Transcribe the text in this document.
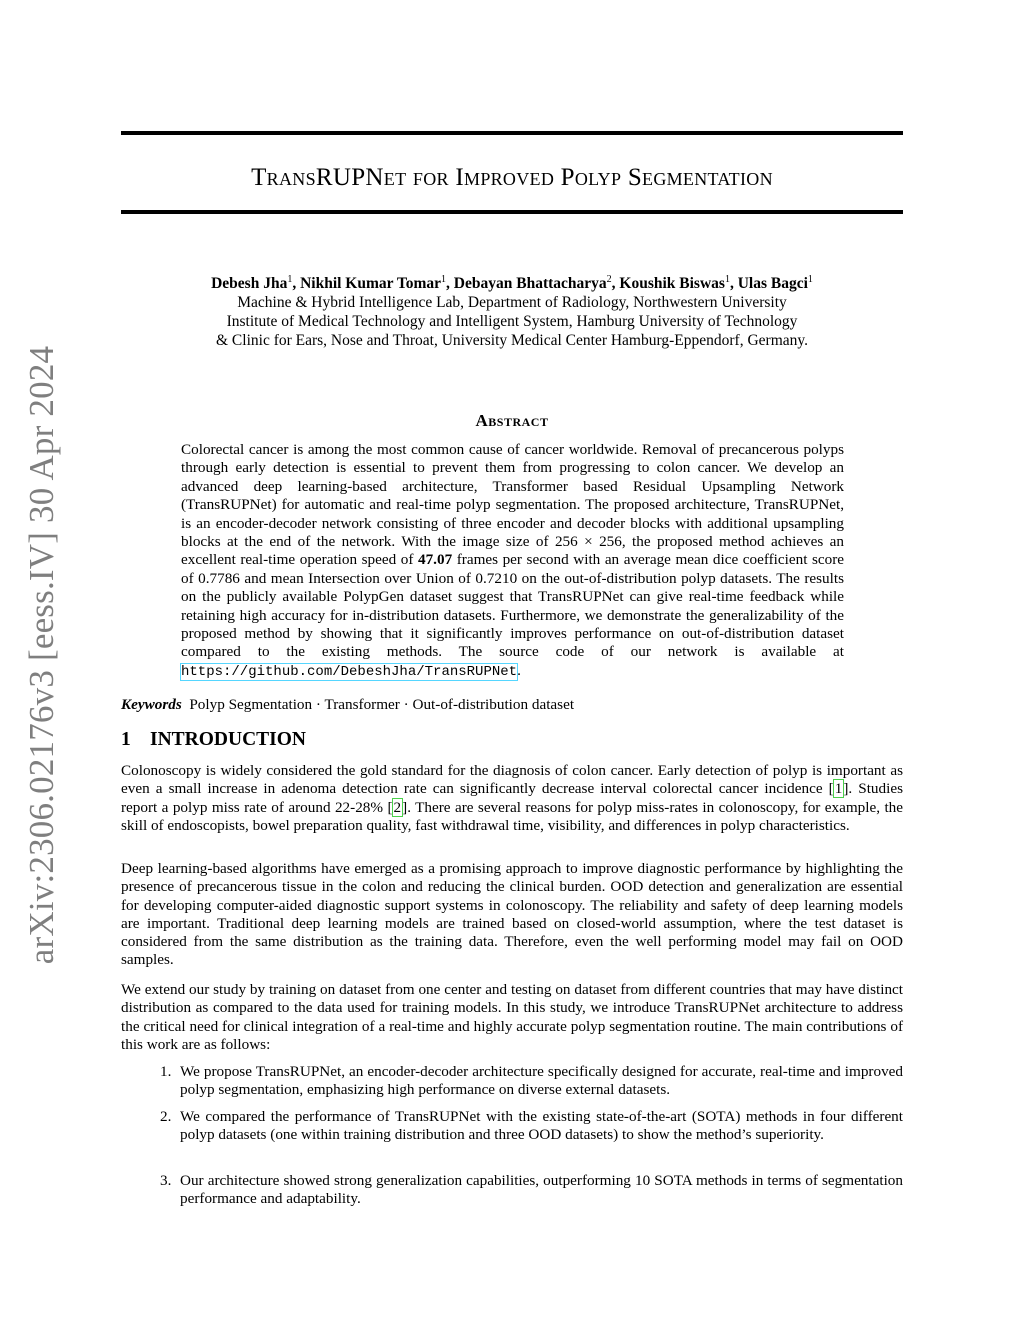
TransRUPNet for Improved Polyp Segmentation
arXiv:2306.02176v3 [eess.IV] 30 Apr 2024
Debesh Jha$^1$, Nikhil Kumar Tomar$^1$, Debayan Bhattacharya$^2$, Koushik Biswas$^1$, Ulas Bagci$^1$
Machine & Hybrid Intelligence Lab, Department of Radiology, Northwestern University
Institute of Medical Technology and Intelligent System, Hamburg University of Technology
& Clinic for Ears, Nose and Throat, University Medical Center Hamburg-Eppendorf, Germany.
Abstract

Colorectal cancer is among the most common cause of cancer worldwide. Removal of precancerous polyps through early detection is essential to prevent them from progressing to colon cancer. We develop an advanced deep learning-based architecture, Transformer based Residual Upsampling Network (TransRUPNet) for automatic and real-time polyp segmentation. The proposed architecture, TransRUPNet, is an encoder-decoder network consisting of three encoder and decoder blocks with additional upsampling blocks at the end of the network. With the image size of 256 × 256, the proposed method achieves an excellent real-time operation speed of 47.07 frames per second with an average mean dice coefficient score of 0.7786 and mean Intersection over Union of 0.7210 on the out-of-distribution polyp datasets. The results on the publicly available PolypGen dataset suggest that TransRUPNet can give real-time feedback while retaining high accuracy for in-distribution datasets. Furthermore, we demonstrate the generalizability of the proposed method by showing that it significantly improves performance on out-of-distribution dataset compared to the existing methods. The source code of our network is available at https://github.com/DebeshJha/TransRUPNet.

Keywords Polyp Segmentation · Transformer · Out-of-distribution dataset
1 INTRODUCTION

Colonoscopy is widely considered the gold standard for the diagnosis of colon cancer. Early detection of polyp is important as even a small increase in adenoma detection rate can significantly decrease interval colorectal cancer incidence [1]. Studies report a polyp miss rate of around 22-28% [2]. There are several reasons for polyp miss-rates in colonoscopy, for example, the skill of endoscopists, bowel preparation quality, fast withdrawal time, visibility, and differences in polyp characteristics.

Deep learning-based algorithms have emerged as a promising approach to improve diagnostic performance by highlighting the presence of precancerous tissue in the colon and reducing the clinical burden. OOD detection and generalization are essential for developing computer-aided diagnostic support systems in colonoscopy. The reliability and safety of deep learning models are important. Traditional deep learning models are trained based on closed-world assumption, where the test dataset is considered from the same distribution as the training data. Therefore, even the well performing model may fail on OOD samples.

We extend our study by training on dataset from one center and testing on dataset from different countries that may have distinct distribution as compared to the data used for training models. In this study, we introduce TransRUPNet architecture to address the critical need for clinical integration of a real-time and highly accurate polyp segmentation routine. The main contributions of this work are as follows:

1. We propose TransRUPNet, an encoder-decoder architecture specifically designed for accurate, real-time and improved polyp segmentation, emphasizing high performance on diverse external datasets.
2. We compared the performance of TransRUPNet with the existing state-of-the-art (SOTA) methods in four different polyp datasets (one within training distribution and three OOD datasets) to show the method’s superiority.
3. Our architecture showed strong generalization capabilities, outperforming 10 SOTA methods in terms of segmentation performance and adaptability.
